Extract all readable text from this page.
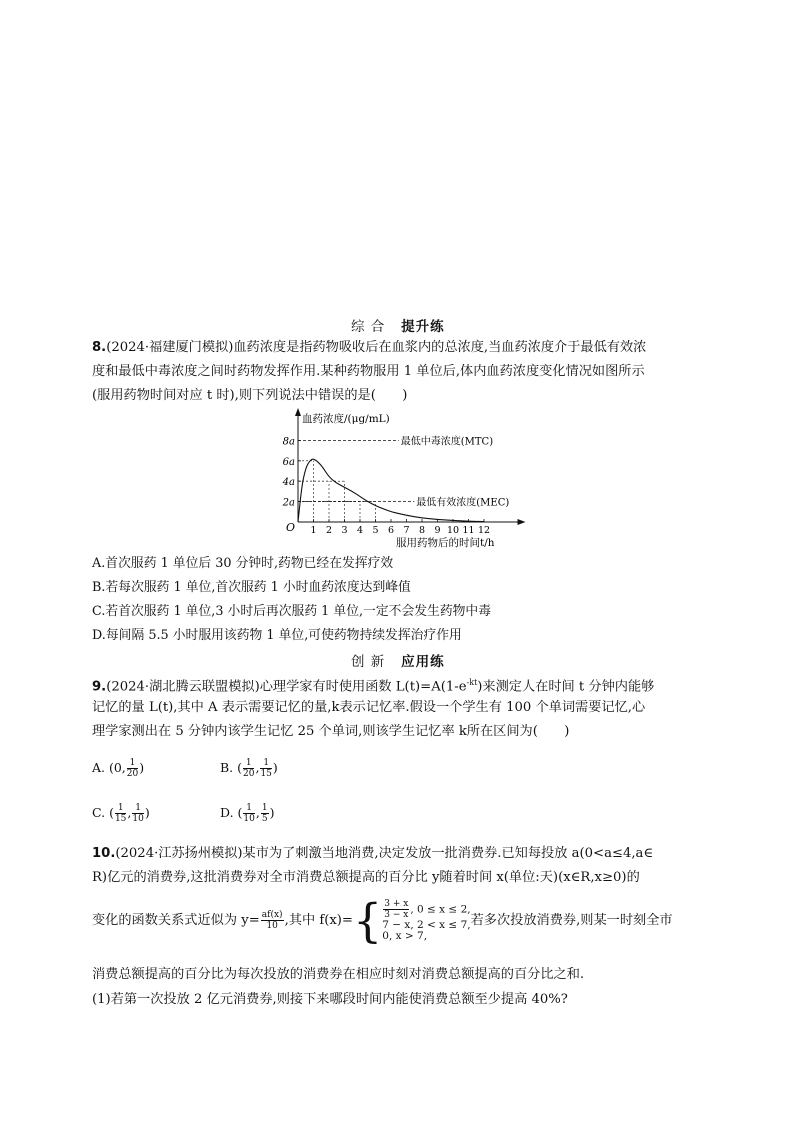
综 合 提升练
8.(2024·福建厦门模拟)血药浓度是指药物吸收后在血浆内的总浓度,当血药浓度介于最低有效浓
度和最低中毒浓度之间时药物发挥作用.某种药物服用 1 单位后,体内血药浓度变化情况如图所示
(服用药物时间对应 t 时),则下列说法中错误的是(　　)
血药浓度/(μg/mL)
服用药物后的时间t/h
O 1 2 3 4 5 6 7 8 9 10 11 12
2a
4a
6a
8a	最低中毒浓度(MTC)
最低有效浓度(MEC)
A.首次服药 1 单位后 30 分钟时,药物已经在发挥疗效
B.若每次服药 1 单位,首次服药 1 小时血药浓度达到峰值
C.若首次服药 1 单位,3 小时后再次服药 1 单位,一定不会发生药物中毒
D.每间隔 5.5 小时服用该药物 1 单位,可使药物持续发挥治疗作用
创 新 应用练
9.(2024·湖北腾云联盟模拟)心理学家有时使用函数 $L(t)=A(1-e^{-kt})$来测定人在时间 t 分钟内能够
记忆的量 L(t),其中 A 表示需要记忆的量,k表示记忆率.假设一个学生有 100 个单词需要记忆,心
理学家测出在 5 分钟内该学生记忆 25 个单词,则该学生记忆率 k所在区间为(　　)
A. (0, $\frac{1}{20}$ )	B. ( $\frac{1}{20}$ , $\frac{1}{15}$ )
C. ( $\frac{1}{15}$ , $\frac{1}{10}$ )	D. ( $\frac{1}{10}$ , $\frac{1}{5}$ )
10.(2024·江苏扬州模拟)某市为了刺激当地消费,决定发放一批消费券.已知每投放 a(0<a≤4,a∈
R)亿元的消费券,这批消费券对全市消费总额提高的百分比 y随着时间 x(单位:天)(x∈R,x≥0)的
变化的函数关系式近似为 $y= \frac{af(x)}{10}$ ,其中 $f(x)=\{ \frac{3 + x}{3 - x}$ , 0 ≤ x ≤ 2,
7 − x, 2 < x ≤ 7,
0, x > 7,
若多次投放消费券,则某一时刻全市
消费总额提高的百分比为每次投放的消费券在相应时刻对消费总额提高的百分比之和.
(1)若第一次投放 2 亿元消费券,则接下来哪段时间内能使消费总额至少提高 40%?
